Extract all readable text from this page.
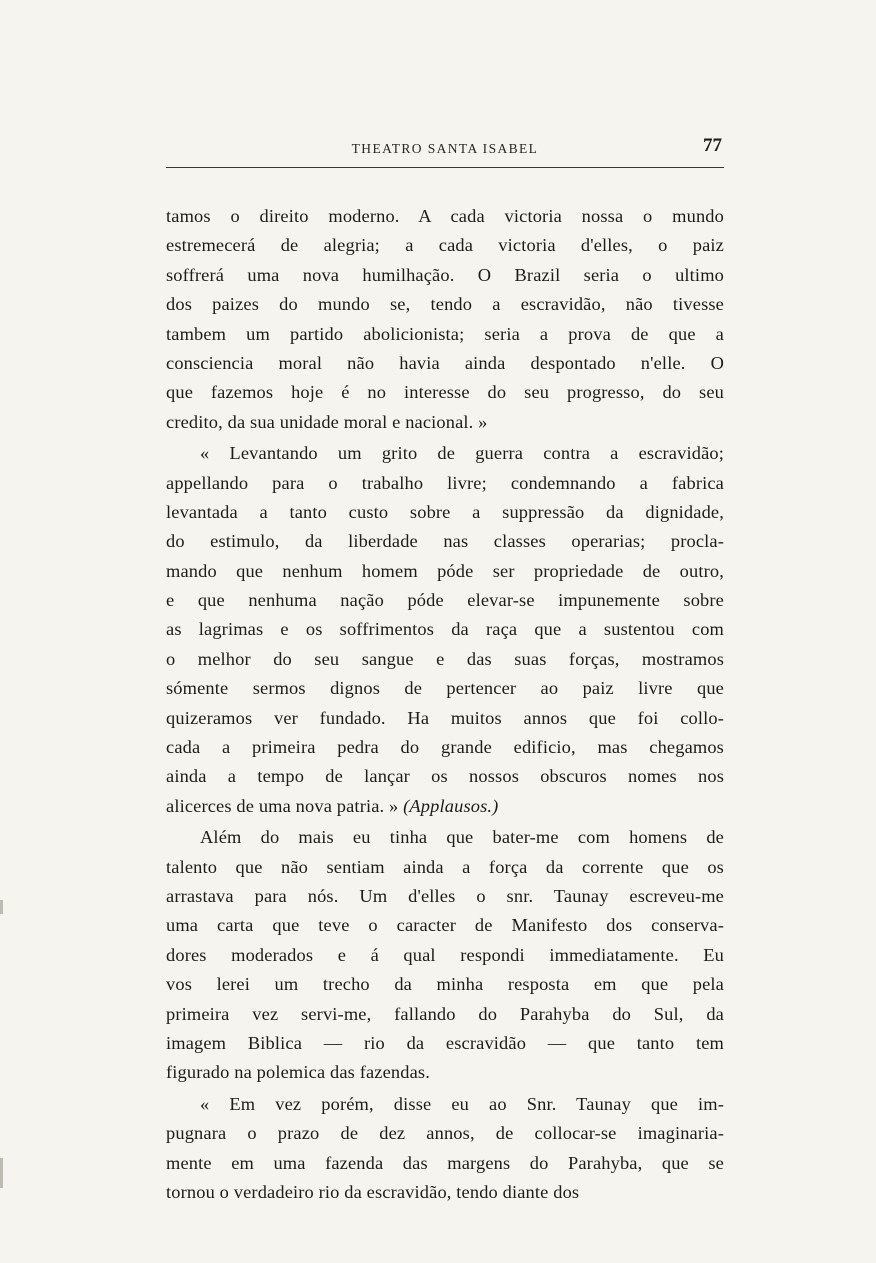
THEATRO SANTA ISABEL	77
tamos o direito moderno. A cada victoria nossa o mundo
estremecerá de alegria; a cada victoria d'elles, o paiz
soffrerá uma nova humilhação. O Brazil seria o ultimo
dos paizes do mundo se, tendo a escravidão, não tivesse
tambem um partido abolicionista; seria a prova de que a
consciencia moral não havia ainda despontado n'elle. O
que fazemos hoje é no interesse do seu progresso, do seu
credito, da sua unidade moral e nacional. »
« Levantando um grito de guerra contra a escravidão;
appellando para o trabalho livre; condemnando a fabrica
levantada a tanto custo sobre a suppressão da dignidade,
do estimulo, da liberdade nas classes operarias; procla-
mando que nenhum homem póde ser propriedade de outro,
e que nenhuma nação póde elevar-se impunemente sobre
as lagrimas e os soffrimentos da raça que a sustentou com
o melhor do seu sangue e das suas forças, mostramos
sómente sermos dignos de pertencer ao paiz livre que
quizeramos ver fundado. Ha muitos annos que foi collo-
cada a primeira pedra do grande edificio, mas chegamos
ainda a tempo de lançar os nossos obscuros nomes nos
alicerces de uma nova patria. » (Applausos.)
Além do mais eu tinha que bater-me com homens de
talento que não sentiam ainda a força da corrente que os
arrastava para nós. Um d'elles o snr. Taunay escreveu-me
uma carta que teve o caracter de Manifesto dos conserva-
dores moderados e á qual respondi immediatamente. Eu
vos lerei um trecho da minha resposta em que pela
primeira vez servi-me, fallando do Parahyba do Sul, da
imagem Biblica — rio da escravidão — que tanto tem
figurado na polemica das fazendas.
« Em vez porém, disse eu ao Snr. Taunay que im-
pugnara o prazo de dez annos, de collocar-se imaginaria-
mente em uma fazenda das margens do Parahyba, que se
tornou o verdadeiro rio da escravidão, tendo diante dos
